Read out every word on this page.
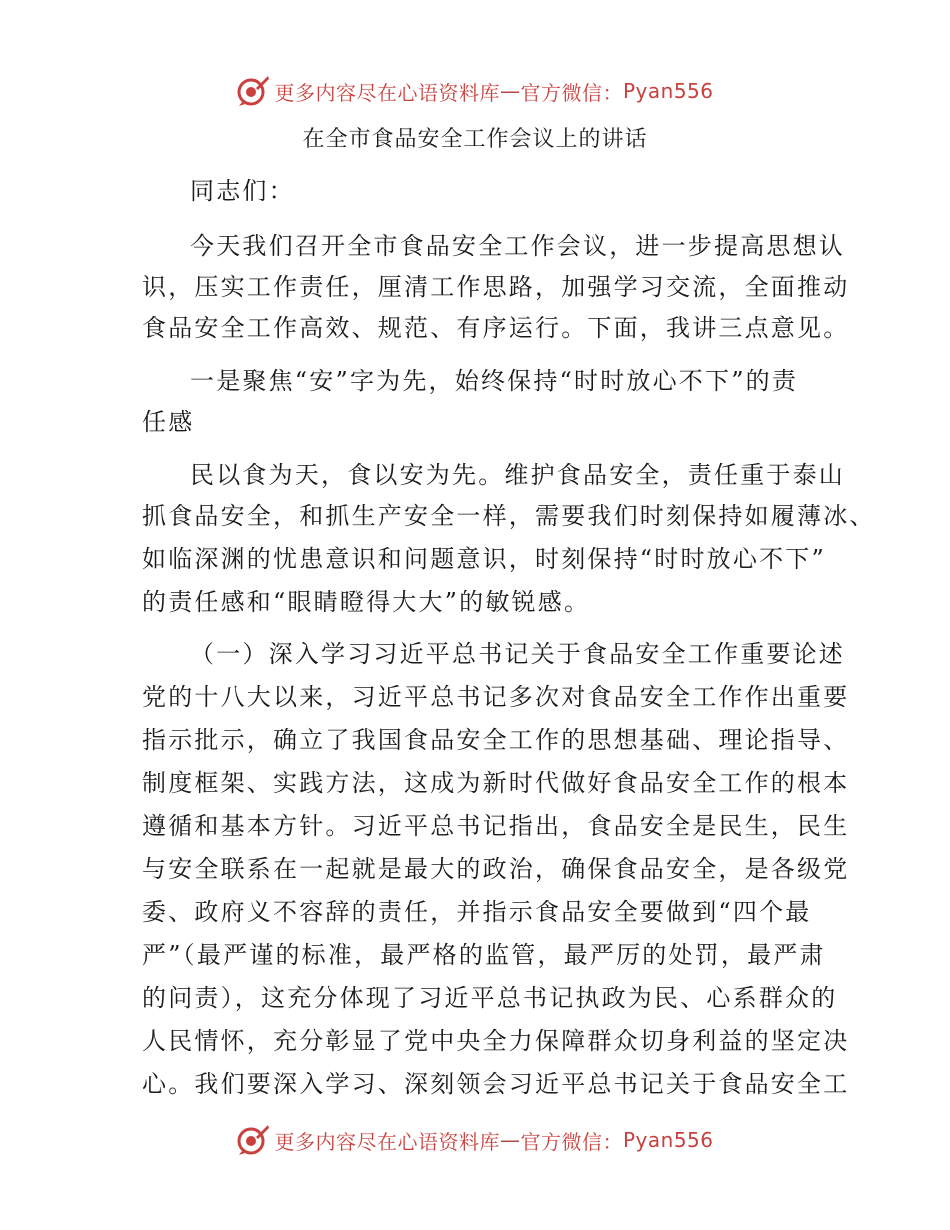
更多内容尽在心语资料库 — 官方微信： Pyan556
在全市食品安全工作会议上的讲话
同志们：
今天我们召开全市食品安全工作会议，进一步提高思想认
识，压实工作责任，厘清工作思路，加强学习交流，全面推动
食品安全工作高效、规范、有序运行。下面，我讲三点意见。
一是聚焦“安”字为先，始终保持“时时放心不下”的责
任感
民以食为天，食以安为先。维护食品安全，责任重于泰山
抓食品安全，和抓生产安全一样，需要我们时刻保持如履薄冰、
如临深渊的忧患意识和问题意识，时刻保持“时时放心不下”
的责任感和“眼睛瞪得大大”的敏锐感。
（一）深入学习习近平总书记关于食品安全工作重要论述
党的十八大以来，习近平总书记多次对食品安全工作作出重要
指示批示，确立了我国食品安全工作的思想基础、理论指导、
制度框架、实践方法，这成为新时代做好食品安全工作的根本
遵循和基本方针。习近平总书记指出，食品安全是民生，民生
与安全联系在一起就是最大的政治，确保食品安全，是各级党
委、政府义不容辞的责任，并指示食品安全要做到“四个最
严”（最严谨的标准，最严格的监管，最严厉的处罚，最严肃
的问责），这充分体现了习近平总书记执政为民、心系群众的
人民情怀，充分彰显了党中央全力保障群众切身利益的坚定决
心。我们要深入学习、深刻领会习近平总书记关于食品安全工
更多内容尽在心语资料库 — 官方微信： Pyan556
